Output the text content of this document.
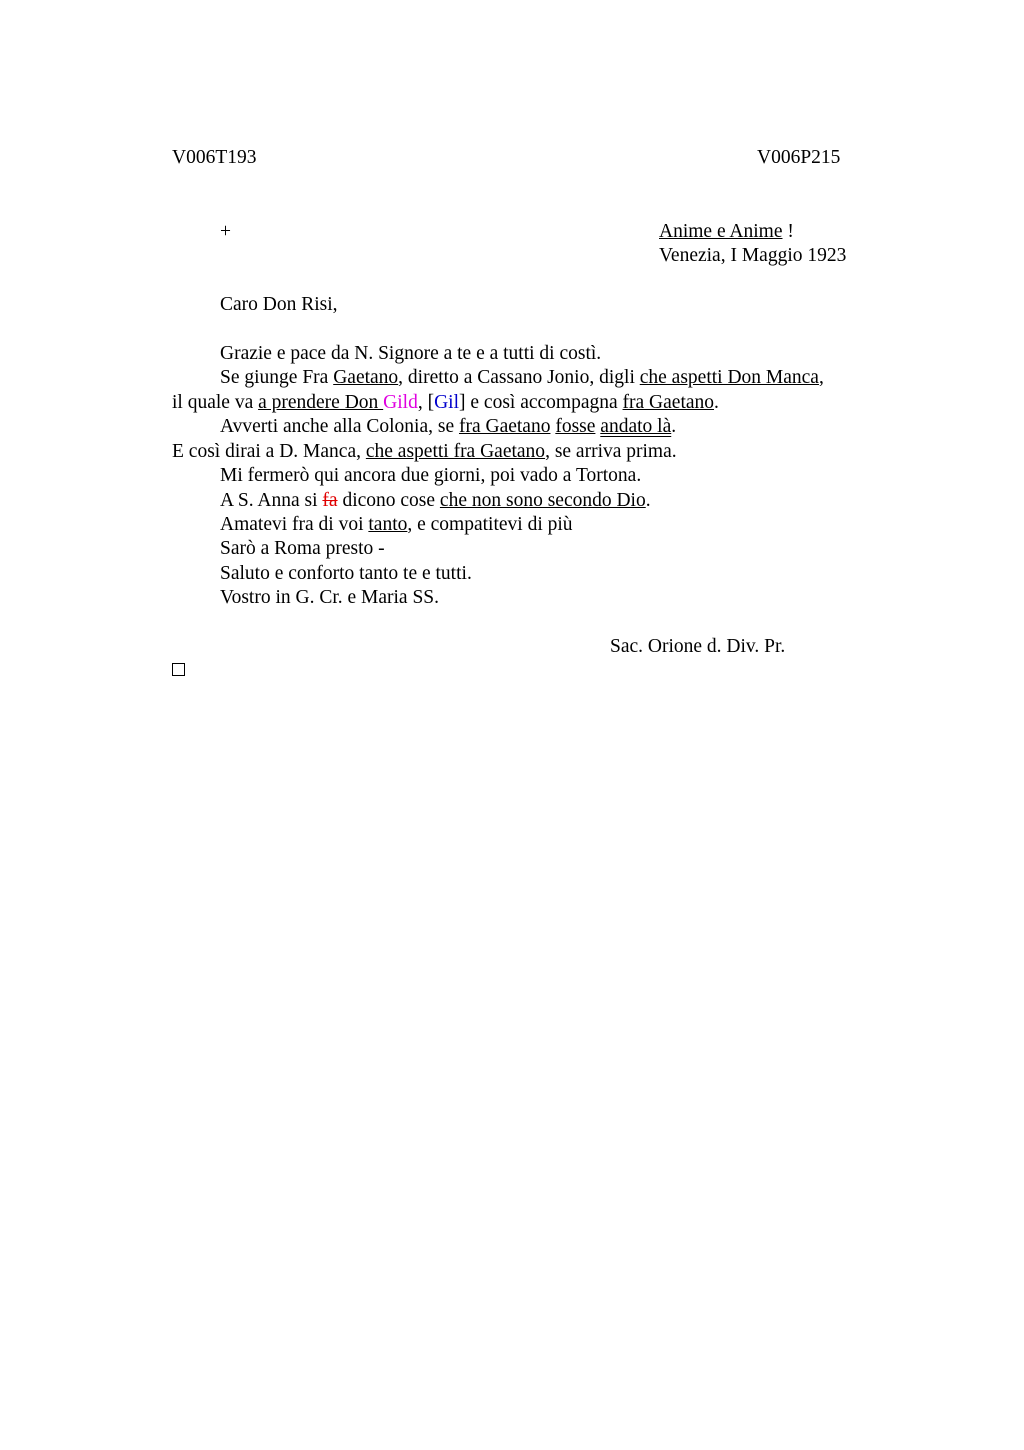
V006T193	V006P215
+	Anime e Anime !
Venezia, I Maggio 1923
Caro Don Risi,
Grazie e pace da N. Signore a te e a tutti di costì.
Se giunge Fra Gaetano, diretto a Cassano Jonio, digli che aspetti Don Manca,
il quale va a prendere Don Gild, [Gil] e così accompagna fra Gaetano.
Avverti anche alla Colonia, se fra Gaetano fosse andato là.
E così dirai a D. Manca, che aspetti fra Gaetano, se arriva prima.
Mi fermerò qui ancora due giorni, poi vado a Tortona.
A S. Anna si fa dicono cose che non sono secondo Dio.
Amatevi fra di voi tanto, e compatitevi di più
Sarò a Roma presto -
Saluto e conforto tanto te e tutti.
Vostro in G. Cr. e Maria SS.
Sac. Orione d. Div. Pr.
